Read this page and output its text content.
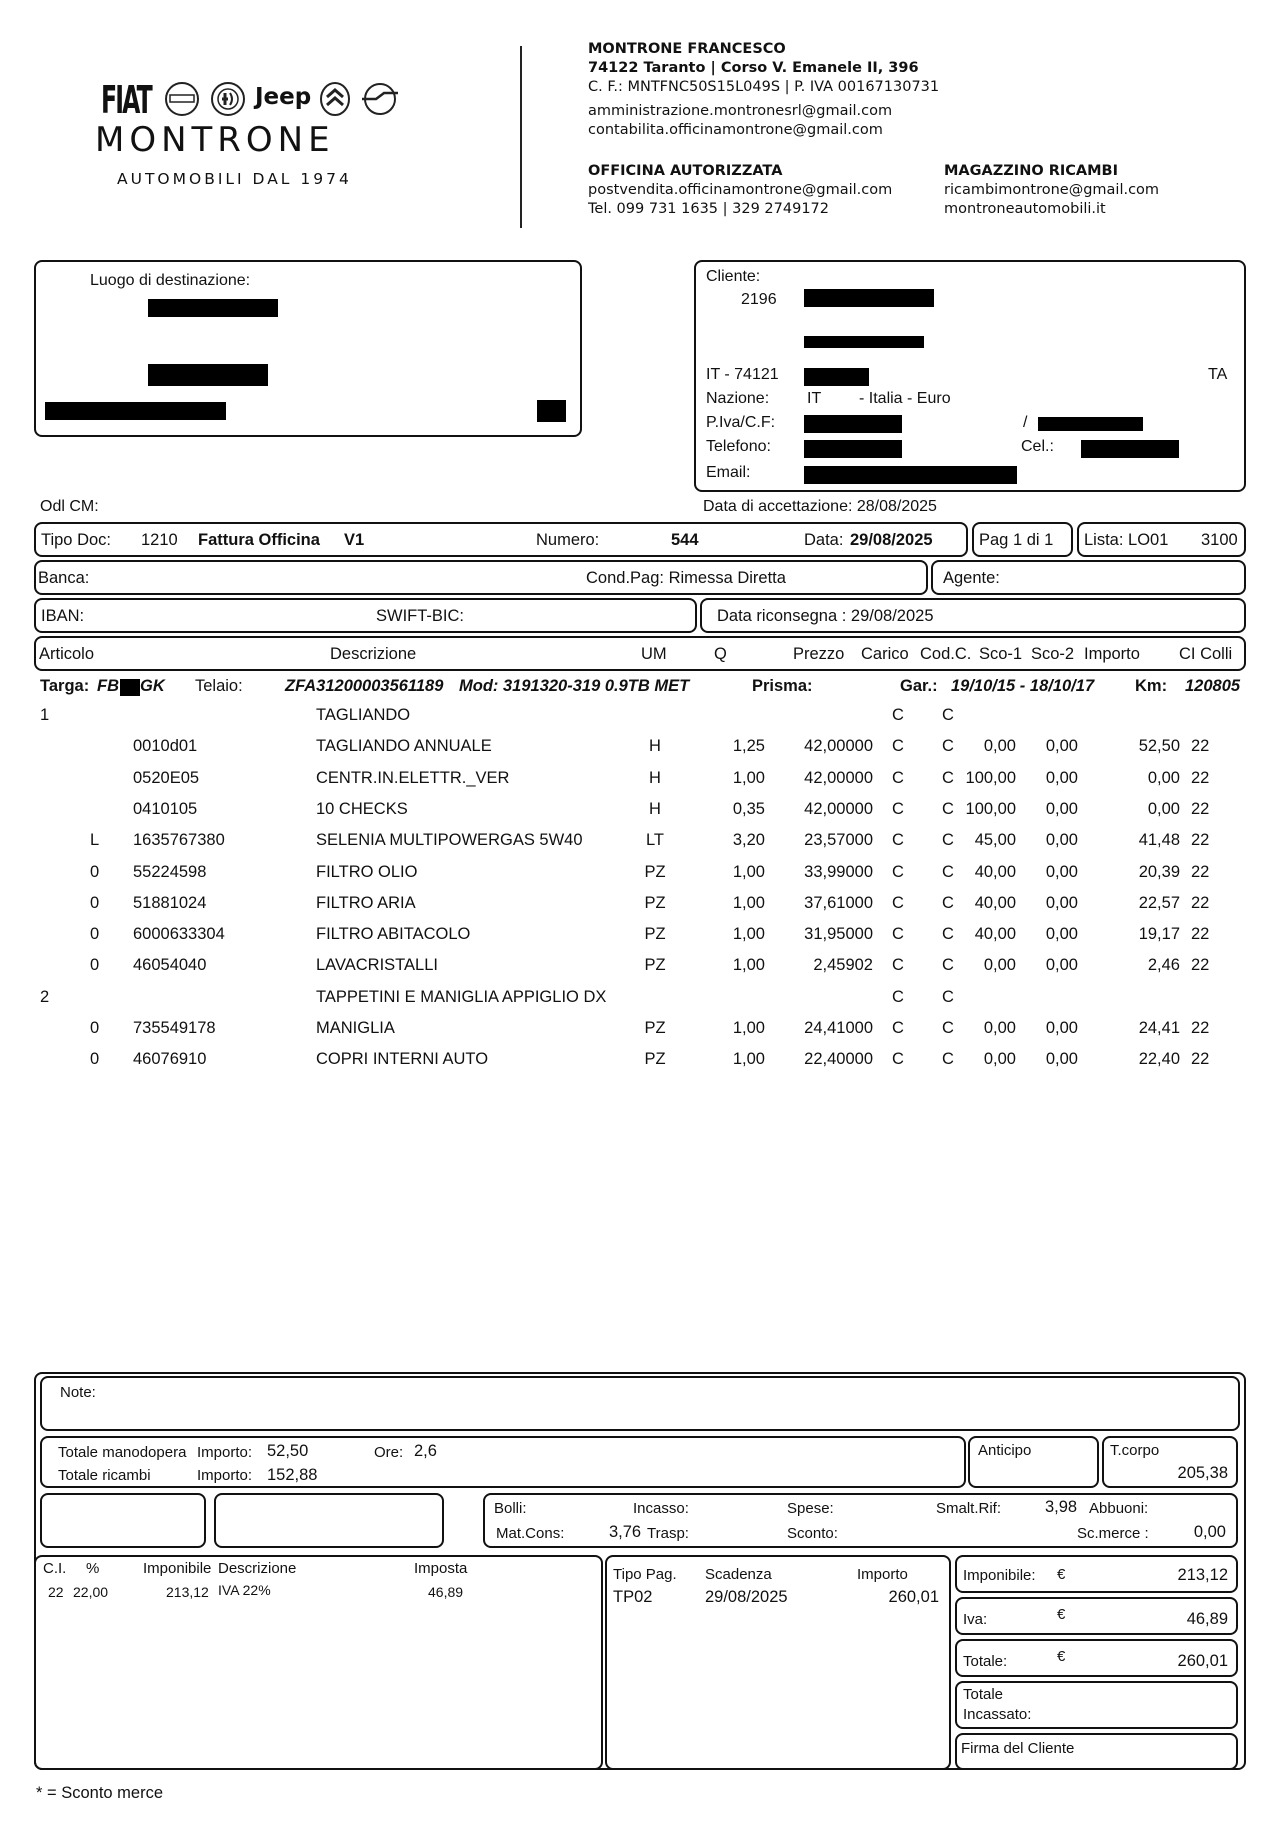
FIAT	Jeep
MONTRONE
AUTOMOBILI DAL 1974
MONTRONE FRANCESCO
74122 Taranto | Corso V. Emanele II, 396
C. F.: MNTFNC50S15L049S | P. IVA 00167130731
amministrazione.montronesrl@gmail.com
contabilita.officinamontrone@gmail.com
OFFICINA AUTORIZZATA
postvendita.officinamontrone@gmail.com
Tel. 099 731 1635 | 329 2749172
MAGAZZINO RICAMBI
ricambimontrone@gmail.com
montroneautomobili.it
Luogo di destinazione:	Cliente:
2196
IT - 74121	TA
Nazione: IT - Italia - Euro
P.Iva/C.F:	/
Telefono:	Cel.:
Email:
Odl CM:	Data di accettazione: 28/08/2025
Tipo Doc: 1210 Fattura Officina V1	Numero:	544	Data: 29/08/2025	Pag 1 di 1 Lista: LO01 3100
Banca:	Cond.Pag: Rimessa Diretta	Agente:
IBAN:	SWIFT-BIC:	Data riconsegna : 29/08/2025
Articolo	Descrizione	UM	Q	Prezzo Carico Cod.C. Sco-1 Sco-2 Importo CI Colli
Targa: FB GK Telaio:	ZFA31200003561189 Mod: 3191320-319 0.9TB MET	Prisma:	Gar.: 19/10/15 - 18/10/17 Km: 120805
1	TAGLIANDO	C	C
0010d01	TAGLIANDO ANNUALE	H	1,25 42,00000	C	C	0,00 0,00	52,50 22
0520E05	CENTR.IN.ELETTR._VER	H	1,00 42,00000	C	C 100,00 0,00	0,00 22
0410105	10 CHECKS	H	0,35 42,00000	C	C 100,00 0,00	0,00 22
L 1635767380	SELENIA MULTIPOWERGAS 5W40	LT	3,20 23,57000	C	C	45,00 0,00	41,48 22
0 55224598	FILTRO OLIO	PZ	1,00 33,99000	C	C	40,00 0,00	20,39 22
0 51881024	FILTRO ARIA	PZ	1,00 37,61000	C	C	40,00 0,00	22,57 22
0 6000633304	FILTRO ABITACOLO	PZ	1,00 31,95000	C	C	40,00 0,00	19,17 22
0 46054040	LAVACRISTALLI	PZ	1,00	2,45902	C	C	0,00 0,00	2,46 22
2	TAPPETINI E MANIGLIA APPIGLIO DX	C	C
0 735549178	MANIGLIA	PZ	1,00 24,41000	C	C	0,00 0,00	24,41 22
0 46076910	COPRI INTERNI AUTO	PZ	1,00 22,40000	C	C	0,00 0,00	22,40 22
Note:
Totale manodopera Importo: 52,50	Ore: 2,6
Totale ricambi	Importo: 152,88
Anticipo	T.corpo
205,38
Bolli:	Incasso:	Spese:	Smalt.Rif:	3,98 Abbuoni:
Mat.Cons:	3,76 Trasp:	Sconto:	Sc.merce :	0,00
C.I. %	Imponibile Descrizione	Imposta
22 22,00	213,12 IVA 22%	46,89
Tipo Pag. Scadenza	Importo
TP02	29/08/2025	260,01
Imponibile: €	213,12
Iva:	€	46,89
Totale:	€	260,01
Totale
Incassato:
Firma del Cliente
* = Sconto merce
